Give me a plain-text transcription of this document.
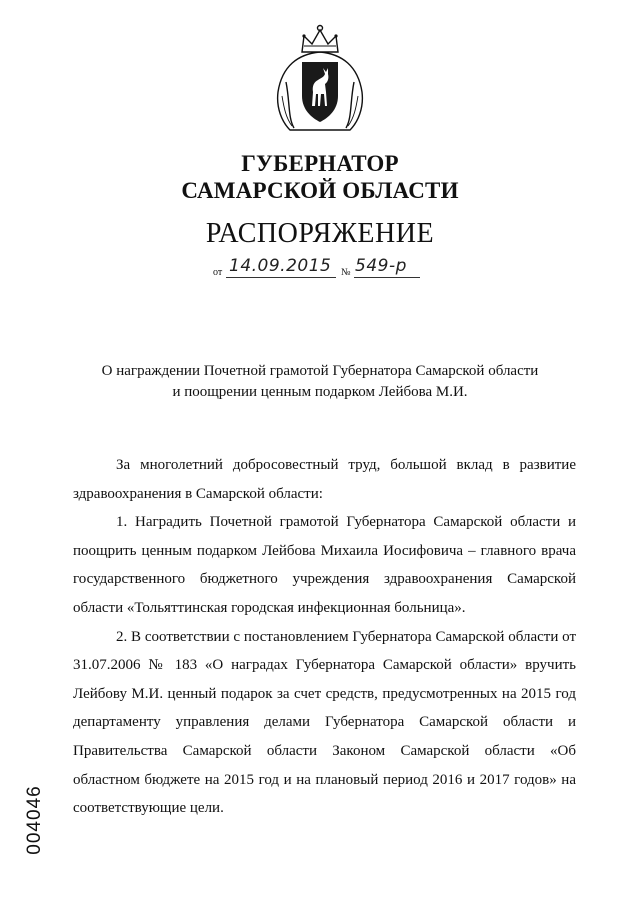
ГУБЕРНАТОР
САМАРСКОЙ ОБЛАСТИ
РАСПОРЯЖЕНИЕ
от 14.09.2015 № 549-р
О награждении Почетной грамотой Губернатора Самарской области
и поощрении ценным подарком Лейбова М.И.

За многолетний добросовестный труд, большой вклад в развитие здравоохранения в Самарской области:

1. Наградить Почетной грамотой Губернатора Самарской области и поощрить ценным подарком Лейбова Михаила Иосифовича – главного врача государственного бюджетного учреждения здравоохранения Самарской области «Тольяттинская городская инфекционная больница».

2. В соответствии с постановлением Губернатора Самарской области от 31.07.2006 № 183 «О наградах Губернатора Самарской области» вручить Лейбову М.И. ценный подарок за счет средств, предусмотренных на 2015 год департаменту управления делами Губернатора Самарской области и Правительства Самарской области Законом Самарской области «Об областном бюджете на 2015 год и на плановый период 2016 и 2017 годов» на соответствующие цели.

004046
